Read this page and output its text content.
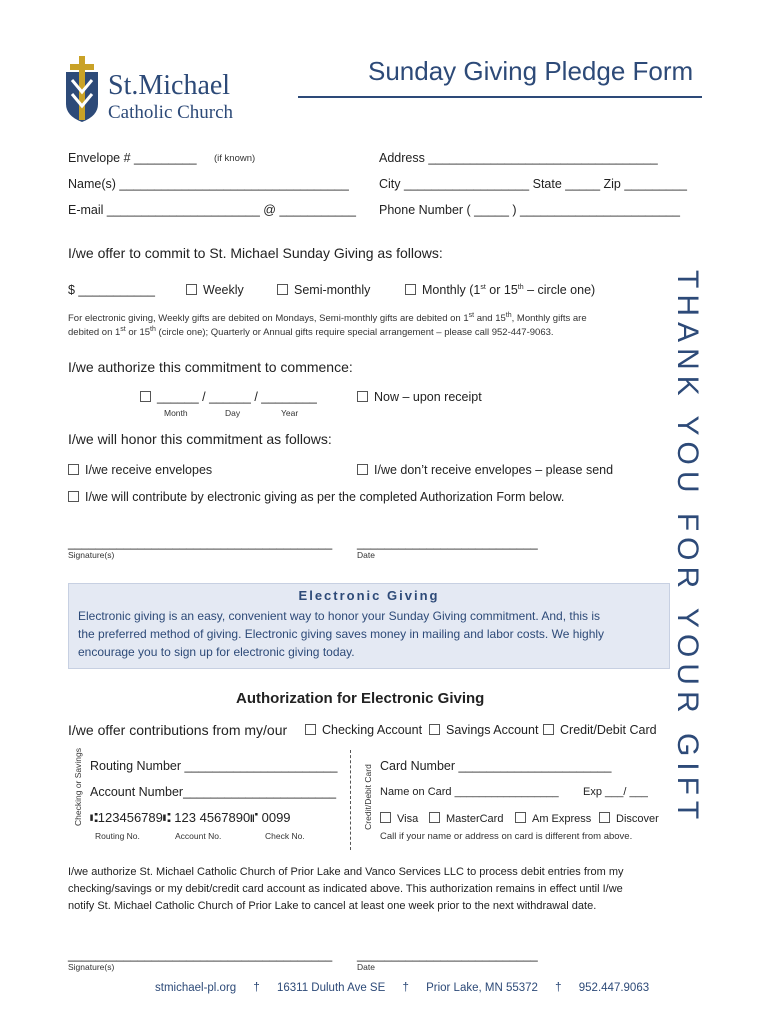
St.Michael
Catholic Church
Sunday Giving Pledge Form
Envelope # _________ (if known)	Address _________________________________
Name(s) _________________________________ City __________________ State _____ Zip _________
E-mail ______________________ @ ___________ Phone Number ( _____ ) _______________________
I/we offer to commit to St. Michael Sunday Giving as follows:
$ ___________	Weekly	Semi-monthly	Monthly (1st or 15th – circle one)
For electronic giving, Weekly gifts are debited on Mondays, Semi-monthly gifts are debited on 1st and 15th, Monthly gifts are
debited on 1st or 15th (circle one); Quarterly or Annual gifts require special arrangement – please call 952-447-9063.
I/we authorize this commitment to commence:
______ / ______ / ________
Month	Day	Year
Now – upon receipt
I/we will honor this commitment as follows:
I/we receive envelopes	I/we don’t receive envelopes – please send
I/we will contribute by electronic giving as per the completed Authorization Form below.
______________________________________
Signature(s)
__________________________
Date
Electronic Giving
Electronic giving is an easy, convenient way to honor your Sunday Giving commitment. And, this is
the preferred method of giving. Electronic giving saves money in mailing and labor costs. We highly
encourage you to sign up for electronic giving today.
Authorization for Electronic Giving
I/we offer contributions from my/our	Checking Account	Savings Account	Credit/Debit Card
Checking or Savings	Credit/Debit Card
Routing Number ______________________
Account Number______________________
⑆123456789⑆ 123 4567890⑈ 0099
Routing No.	Account No.	Check No.
Card Number ______________________
Name on Card _________________ Exp ___/ ___
Visa	MasterCard	Am Express	Discover
Call if your name or address on card is different from above.
I/we authorize St. Michael Catholic Church of Prior Lake and Vanco Services LLC to process debit entries from my
checking/savings or my debit/credit card account as indicated above. This authorization remains in effect until I/we
notify St. Michael Catholic Church of Prior Lake to cancel at least one week prior to the next withdrawal date.
______________________________________
Signature(s)
__________________________
Date
THANK YOU FOR YOUR GIFT
stmichael-pl.org † 16311 Duluth Ave SE † Prior Lake, MN 55372 † 952.447.9063
